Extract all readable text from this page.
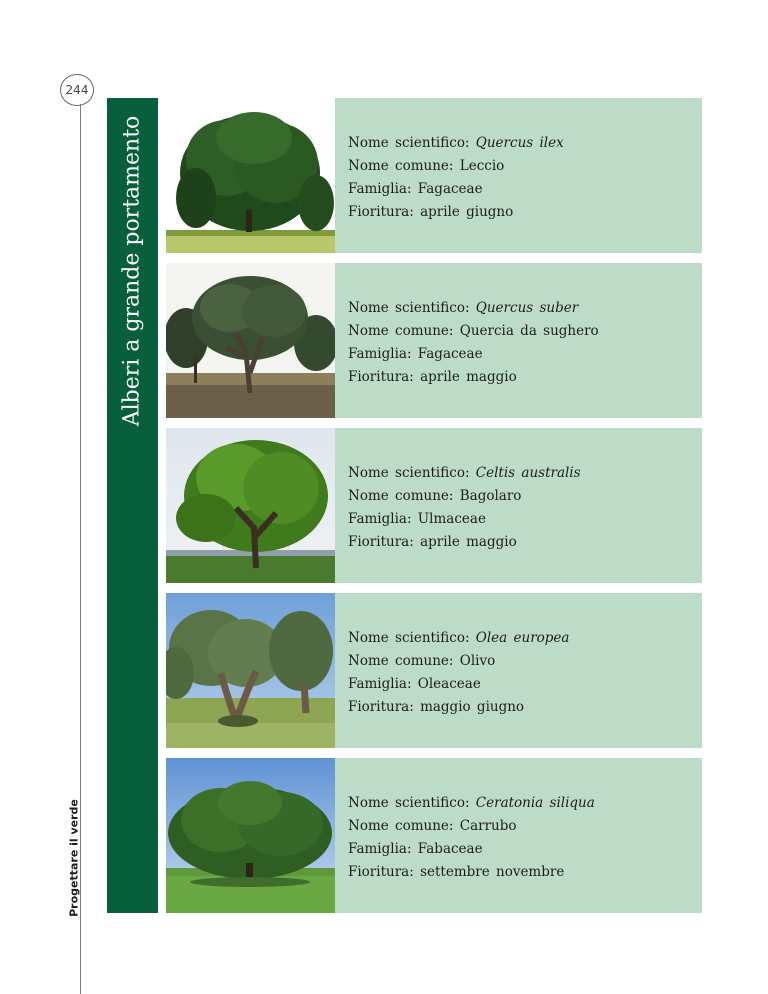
244
Progettare il verde
Alberi a grande portamento	Nome scientifico: Quercus ilex
Nome comune: Leccio
Famiglia: Fagaceae
Fioritura: aprile giugno
Nome scientifico: Quercus suber
Nome comune: Quercia da sughero
Famiglia: Fagaceae
Fioritura: aprile maggio
Nome scientifico: Celtis australis
Nome comune: Bagolaro
Famiglia: Ulmaceae
Fioritura: aprile maggio
Nome scientifico: Olea europea
Nome comune: Olivo
Famiglia: Oleaceae
Fioritura: maggio giugno
Nome scientifico: Ceratonia siliqua
Nome comune: Carrubo
Famiglia: Fabaceae
Fioritura: settembre novembre
